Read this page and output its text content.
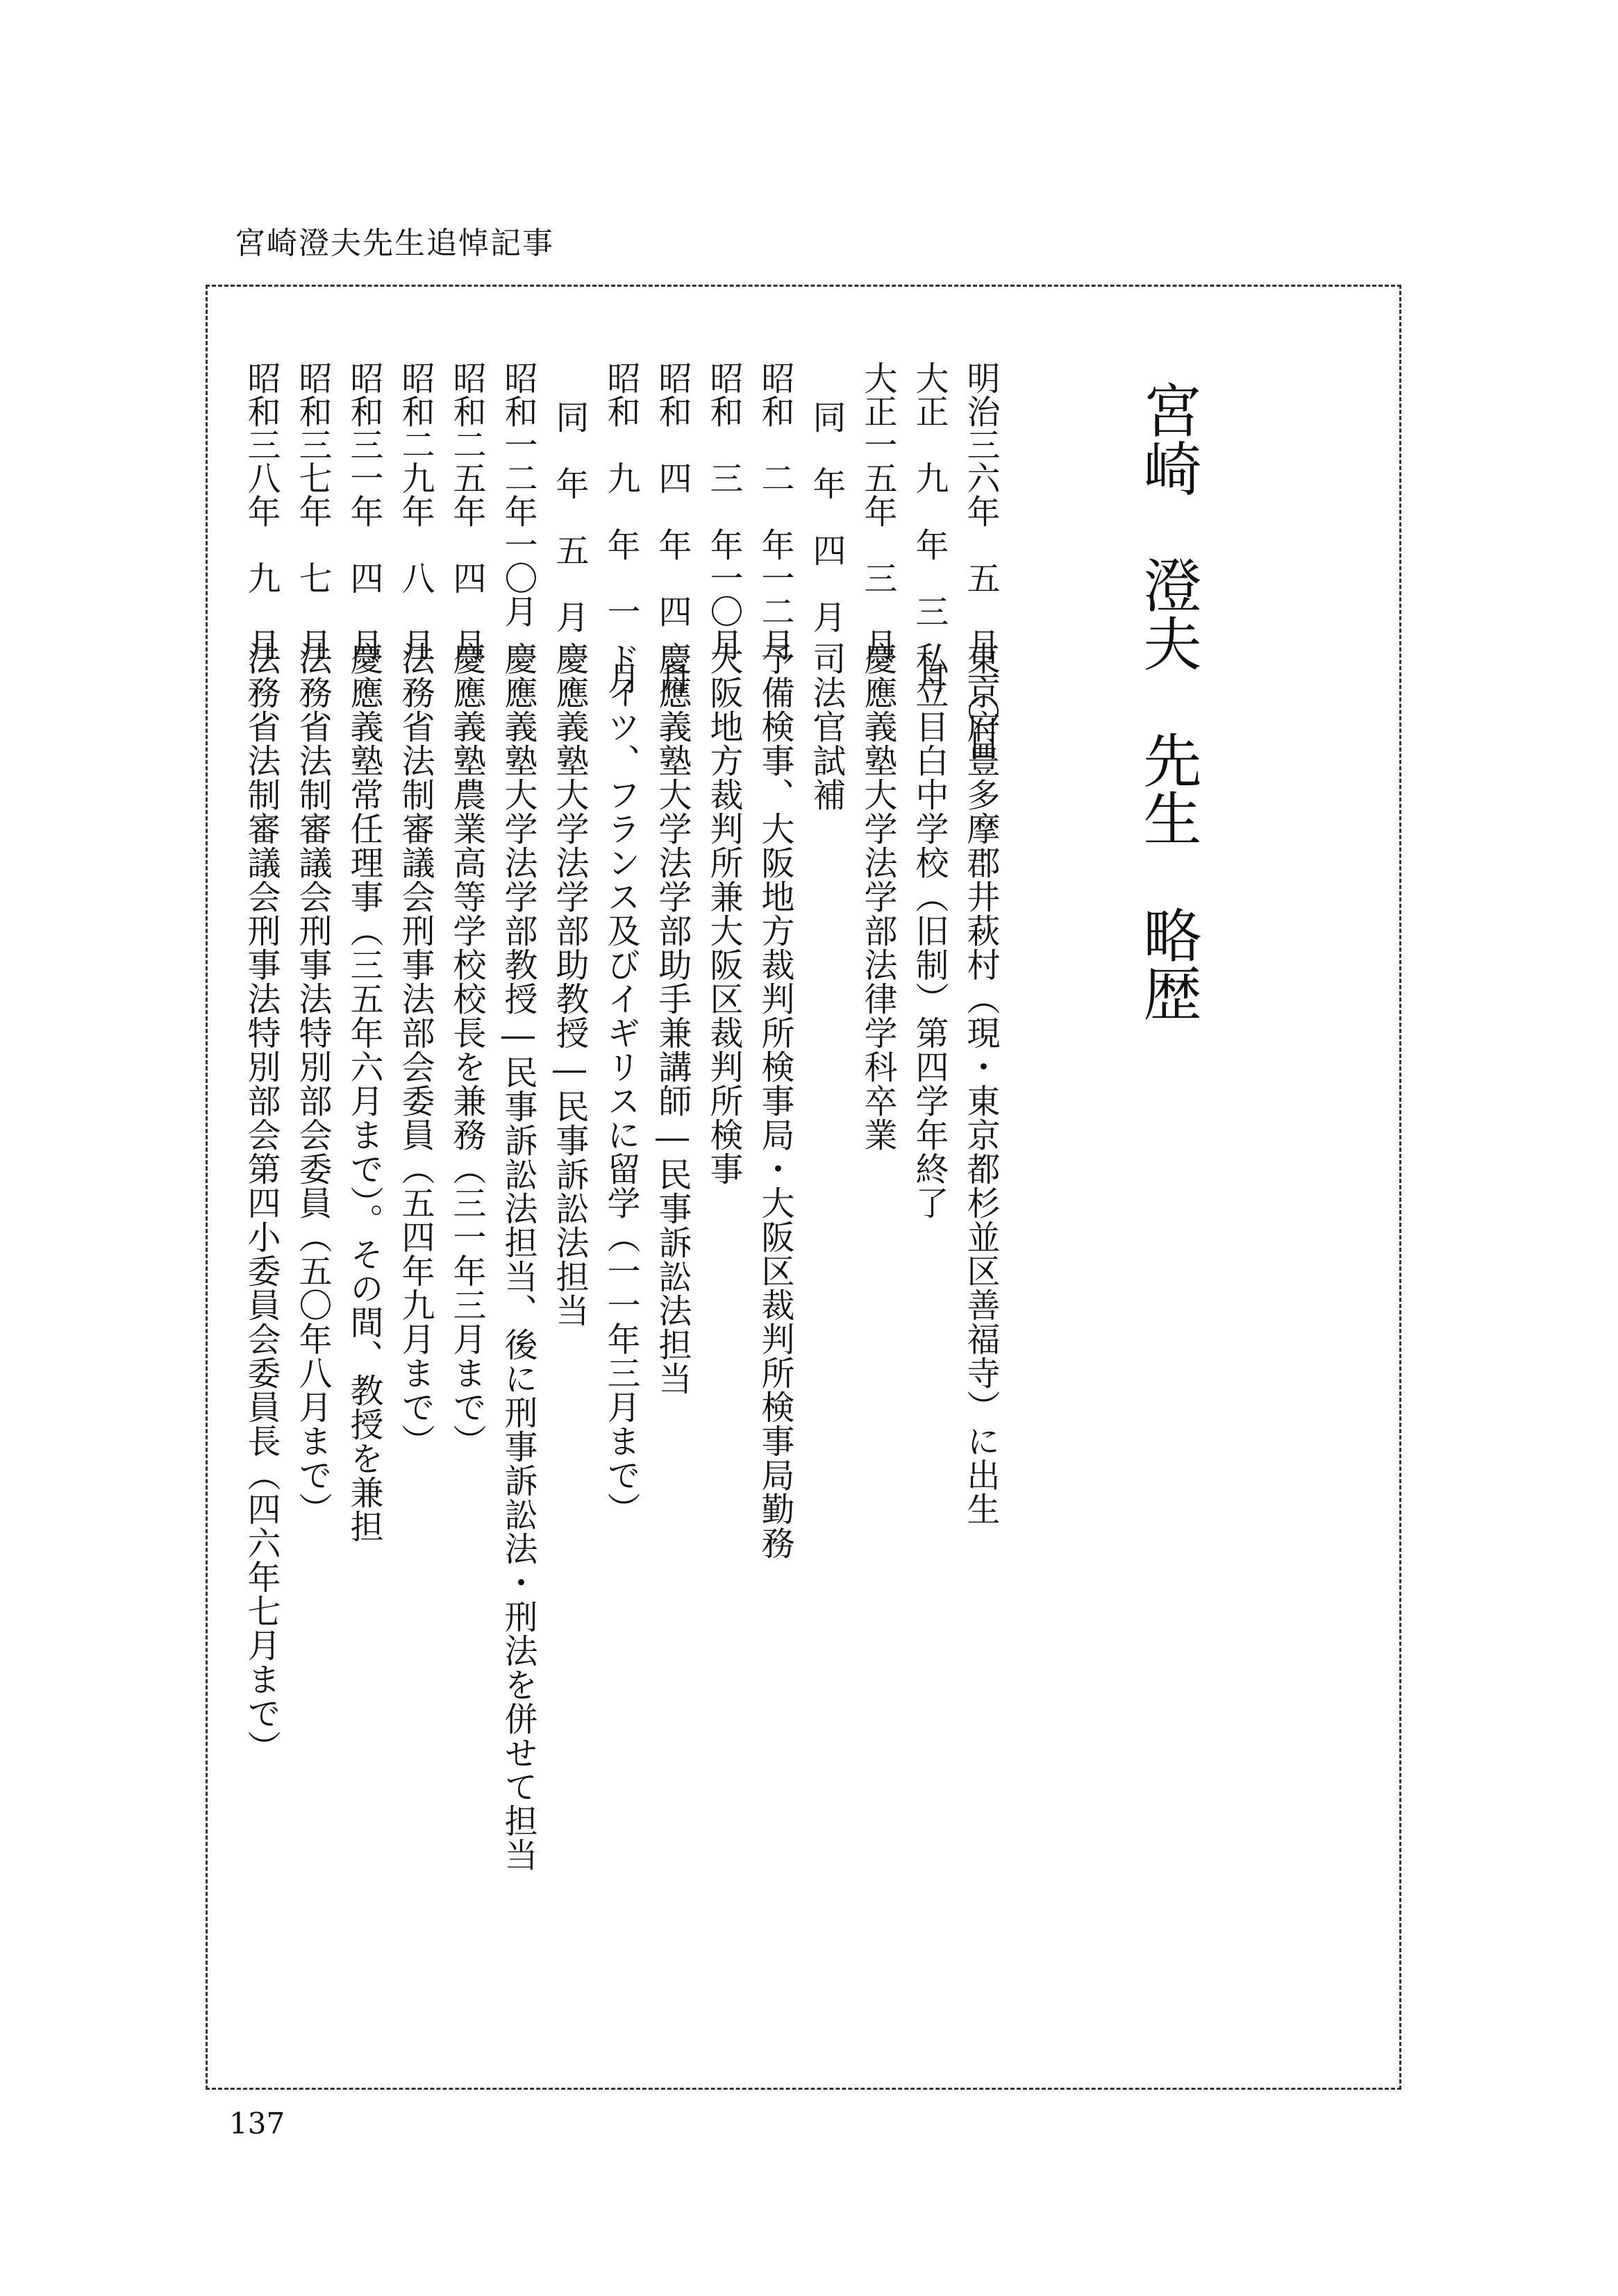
宮崎澄夫先生追悼記事
宮崎　澄夫　先生　略歴
明治三六年　五　月一〇日
東京府豊多摩郡井萩村（現・東京都杉並区善福寺）に出生
大正　九　年　三　月
私立目白中学校（旧制）第四学年終了
大正一五年　三　月
慶應義塾大学法学部法律学科卒業
同　年　四　月
司法官試補
昭和　二　年一二月
予備検事、大阪地方裁判所検事局・大阪区裁判所検事局勤務
昭和　三　年一〇月
大阪地方裁判所兼大阪区裁判所検事
昭和　四　年　四　月
慶應義塾大学法学部助手兼講師―民事訴訟法担当
昭和　九　年　一　月
ドイツ、フランス及びイギリスに留学（一一年三月まで）
同　年　五　月
慶應義塾大学法学部助教授―民事訴訟法担当
昭和一二年一〇月
慶應義塾大学法学部教授―民事訴訟法担当、後に刑事訴訟法・刑法を併せて担当
昭和二五年　四　月
慶應義塾農業高等学校校長を兼務（三一年三月まで）
昭和二九年　八　月
法務省法制審議会刑事法部会委員（五四年九月まで）
昭和三一年　四　月
慶應義塾常任理事（三五年六月まで）。その間、教授を兼担
昭和三七年　七　月
法務省法制審議会刑事法特別部会委員（五〇年八月まで）
昭和三八年　九　月
法務省法制審議会刑事法特別部会第四小委員会委員長（四六年七月まで）
137
